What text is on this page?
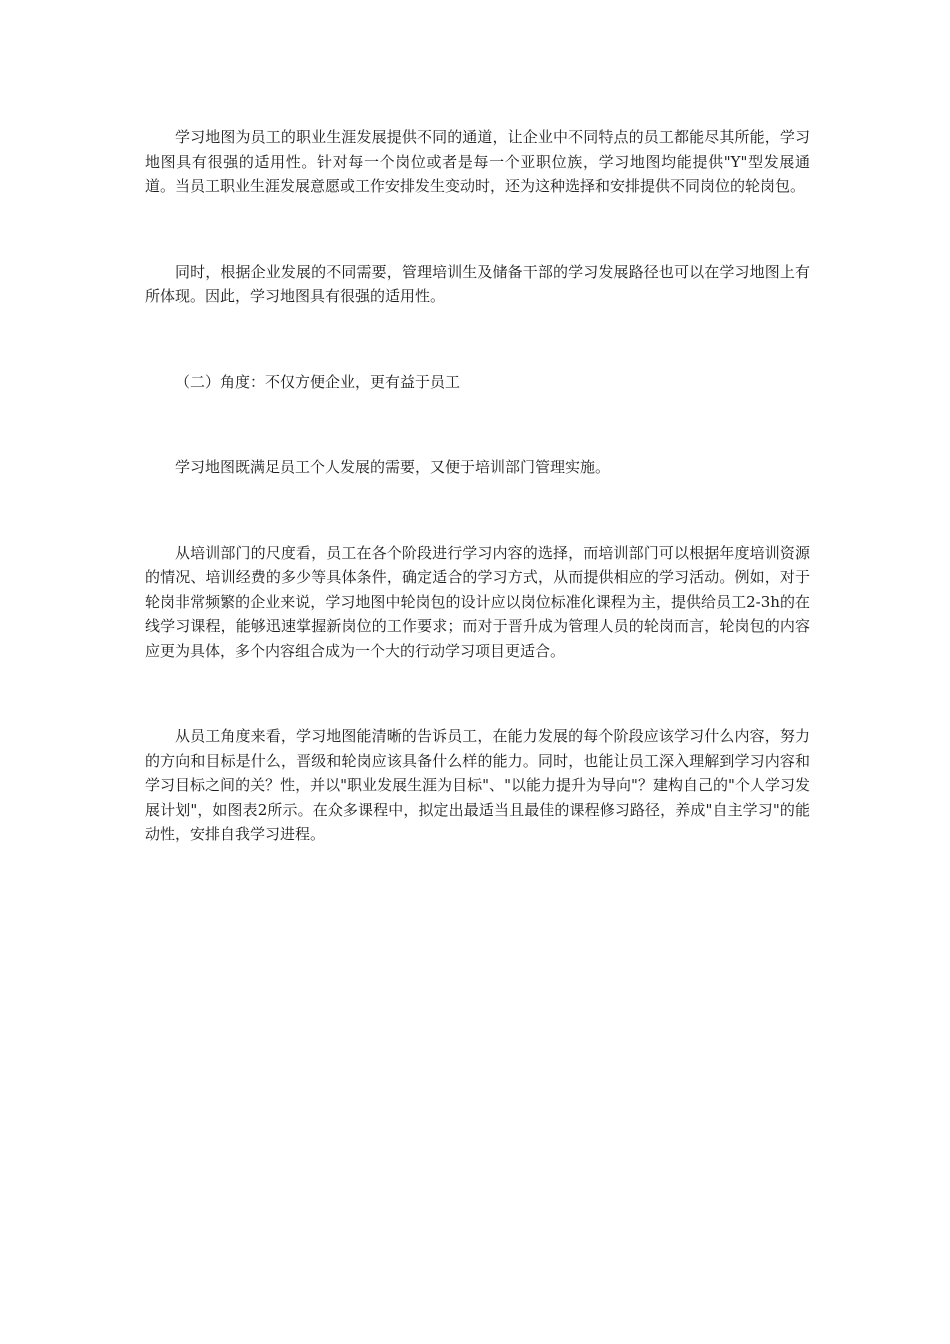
学习地图为员工的职业生涯发展提供不同的通道，让企业中不同特点的员工都能尽其所能，学习地图具有很强的适用性。针对每一个岗位或者是每一个亚职位族，学习地图均能提供"Y"型发展通道。当员工职业生涯发展意愿或工作安排发生变动时，还为这种选择和安排提供不同岗位的轮岗包。

同时，根据企业发展的不同需要，管理培训生及储备干部的学习发展路径也可以在学习地图上有所体现。因此，学习地图具有很强的适用性。

（二）角度：不仅方便企业，更有益于员工

学习地图既满足员工个人发展的需要，又便于培训部门管理实施。

从培训部门的尺度看，员工在各个阶段进行学习内容的选择，而培训部门可以根据年度培训资源的情况、培训经费的多少等具体条件，确定适合的学习方式，从而提供相应的学习活动。例如，对于轮岗非常频繁的企业来说，学习地图中轮岗包的设计应以岗位标准化课程为主，提供给员工2-3h的在线学习课程，能够迅速掌握新岗位的工作要求；而对于晋升成为管理人员的轮岗而言，轮岗包的内容应更为具体，多个内容组合成为一个大的行动学习项目更适合。

从员工角度来看，学习地图能清晰的告诉员工，在能力发展的每个阶段应该学习什么内容，努力的方向和目标是什么，晋级和轮岗应该具备什么样的能力。同时，也能让员工深入理解到学习内容和学习目标之间的关？性，并以"职业发展生涯为目标"、"以能力提升为导向"？建构自己的"个人学习发展计划"，如图表2所示。在众多课程中，拟定出最适当且最佳的课程修习路径，养成"自主学习"的能动性，安排自我学习进程。
